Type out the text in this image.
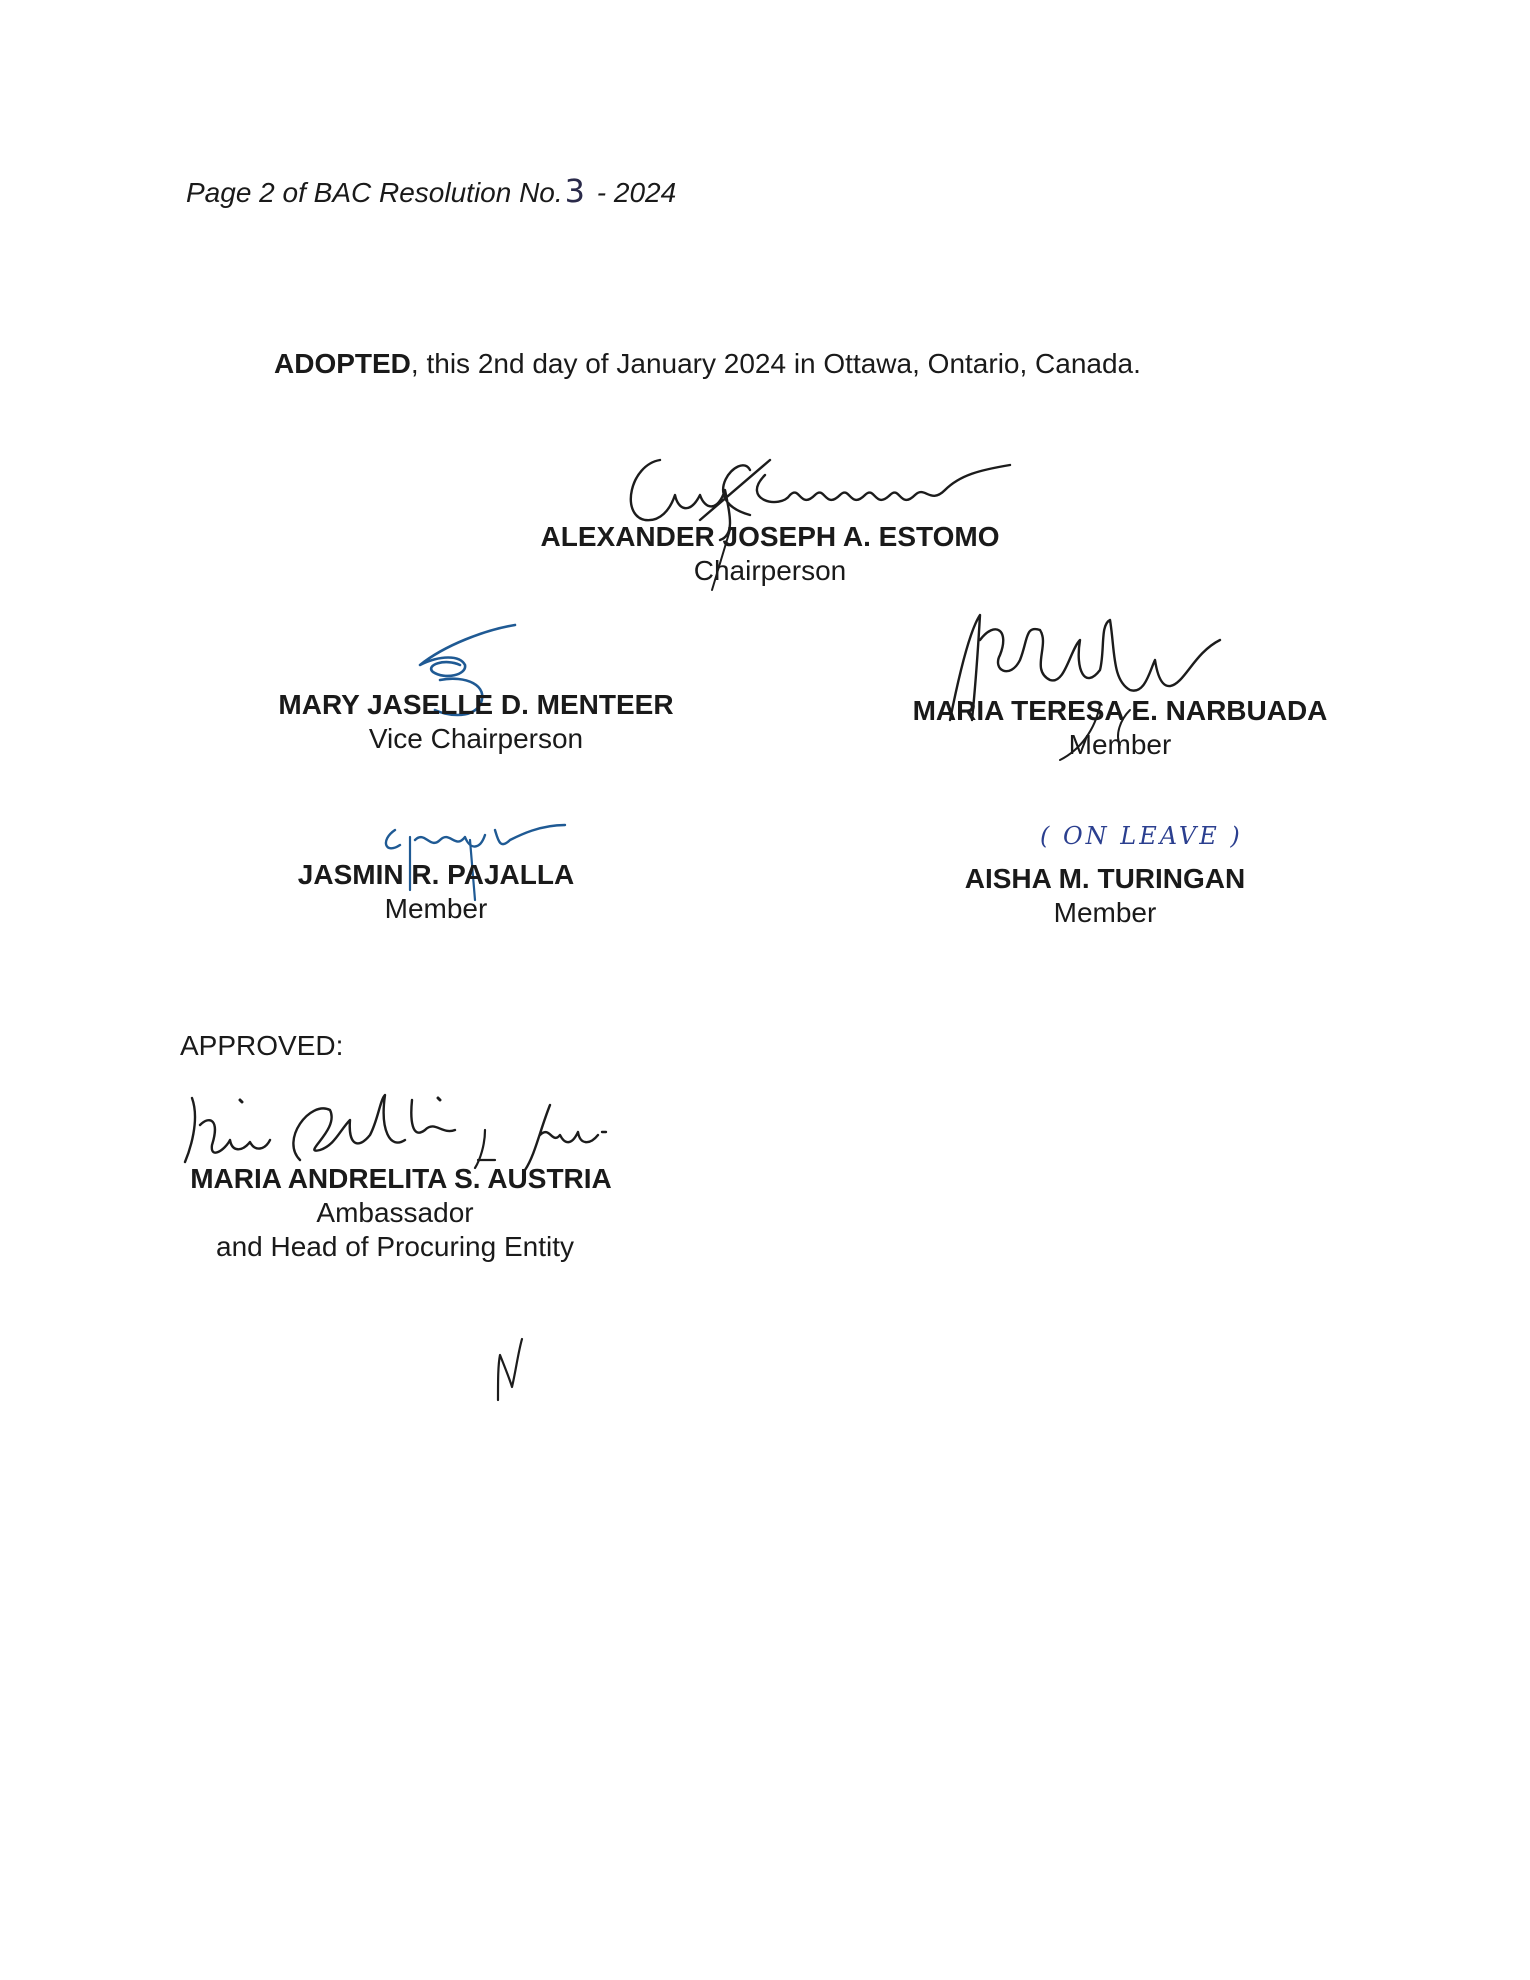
Page 2 of BAC Resolution No.3 - 2024
ADOPTED, this 2nd day of January 2024 in Ottawa, Ontario, Canada.
ALEXANDER JOSEPH A. ESTOMO
Chairperson
MARY JASELLE D. MENTEER
Vice Chairperson
MARIA TERESA E. NARBUADA
Member
JASMIN R. PAJALLA
Member
( ON LEAVE )
AISHA M. TURINGAN
Member
APPROVED:
MARIA ANDRELITA S. AUSTRIA
Ambassador
and Head of Procuring Entity
